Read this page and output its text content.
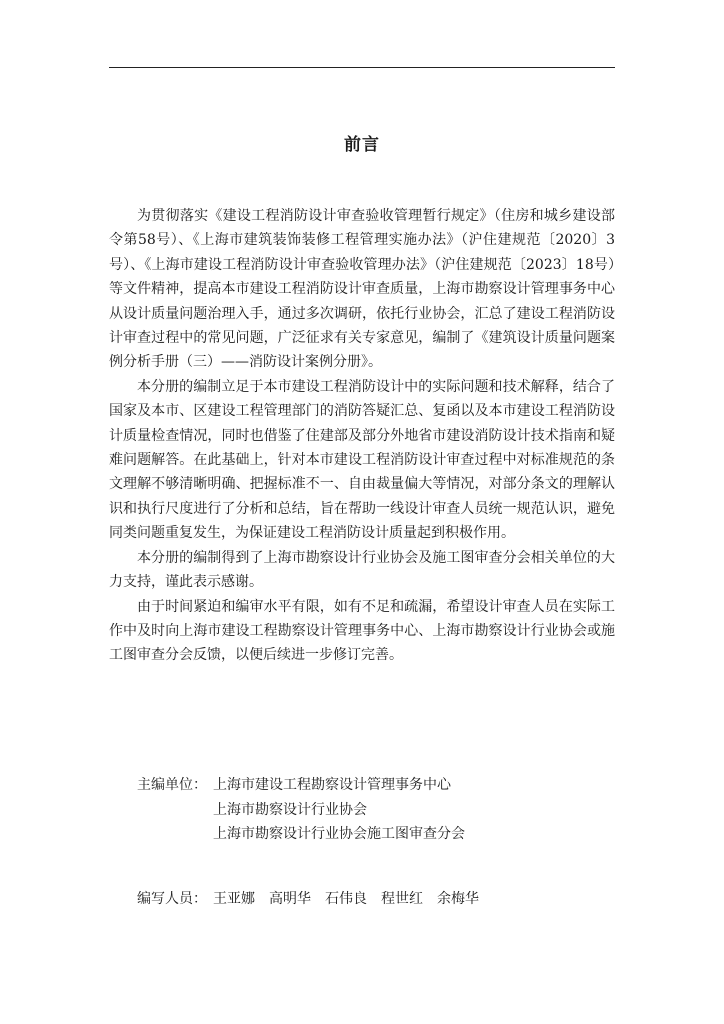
前言

为贯彻落实《建设工程消防设计审查验收管理暂行规定》（住房和城乡建设部令第58号）、《上海市建筑装饰装修工程管理实施办法》（沪住建规范〔2020〕3号）、《上海市建设工程消防设计审查验收管理办法》（沪住建规范〔2023〕18号）等文件精神，提高本市建设工程消防设计审查质量，上海市勘察设计管理事务中心从设计质量问题治理入手，通过多次调研，依托行业协会，汇总了建设工程消防设计审查过程中的常见问题，广泛征求有关专家意见，编制了《建筑设计质量问题案例分析手册（三）——消防设计案例分册》。

本分册的编制立足于本市建设工程消防设计中的实际问题和技术解释，结合了国家及本市、区建设工程管理部门的消防答疑汇总、复函以及本市建设工程消防设计质量检查情况，同时也借鉴了住建部及部分外地省市建设消防设计技术指南和疑难问题解答。在此基础上，针对本市建设工程消防设计审查过程中对标准规范的条文理解不够清晰明确、把握标准不一、自由裁量偏大等情况，对部分条文的理解认识和执行尺度进行了分析和总结，旨在帮助一线设计审查人员统一规范认识，避免同类问题重复发生，为保证建设工程消防设计质量起到积极作用。

本分册的编制得到了上海市勘察设计行业协会及施工图审查分会相关单位的大力支持，谨此表示感谢。

由于时间紧迫和编审水平有限，如有不足和疏漏，希望设计审查人员在实际工作中及时向上海市建设工程勘察设计管理事务中心、上海市勘察设计行业协会或施工图审查分会反馈，以便后续进一步修订完善。

主编单位： 上海市建设工程勘察设计管理事务中心
上海市勘察设计行业协会
上海市勘察设计行业协会施工图审查分会
编写人员： 王亚娜 高明华 石伟良 程世红 余梅华
